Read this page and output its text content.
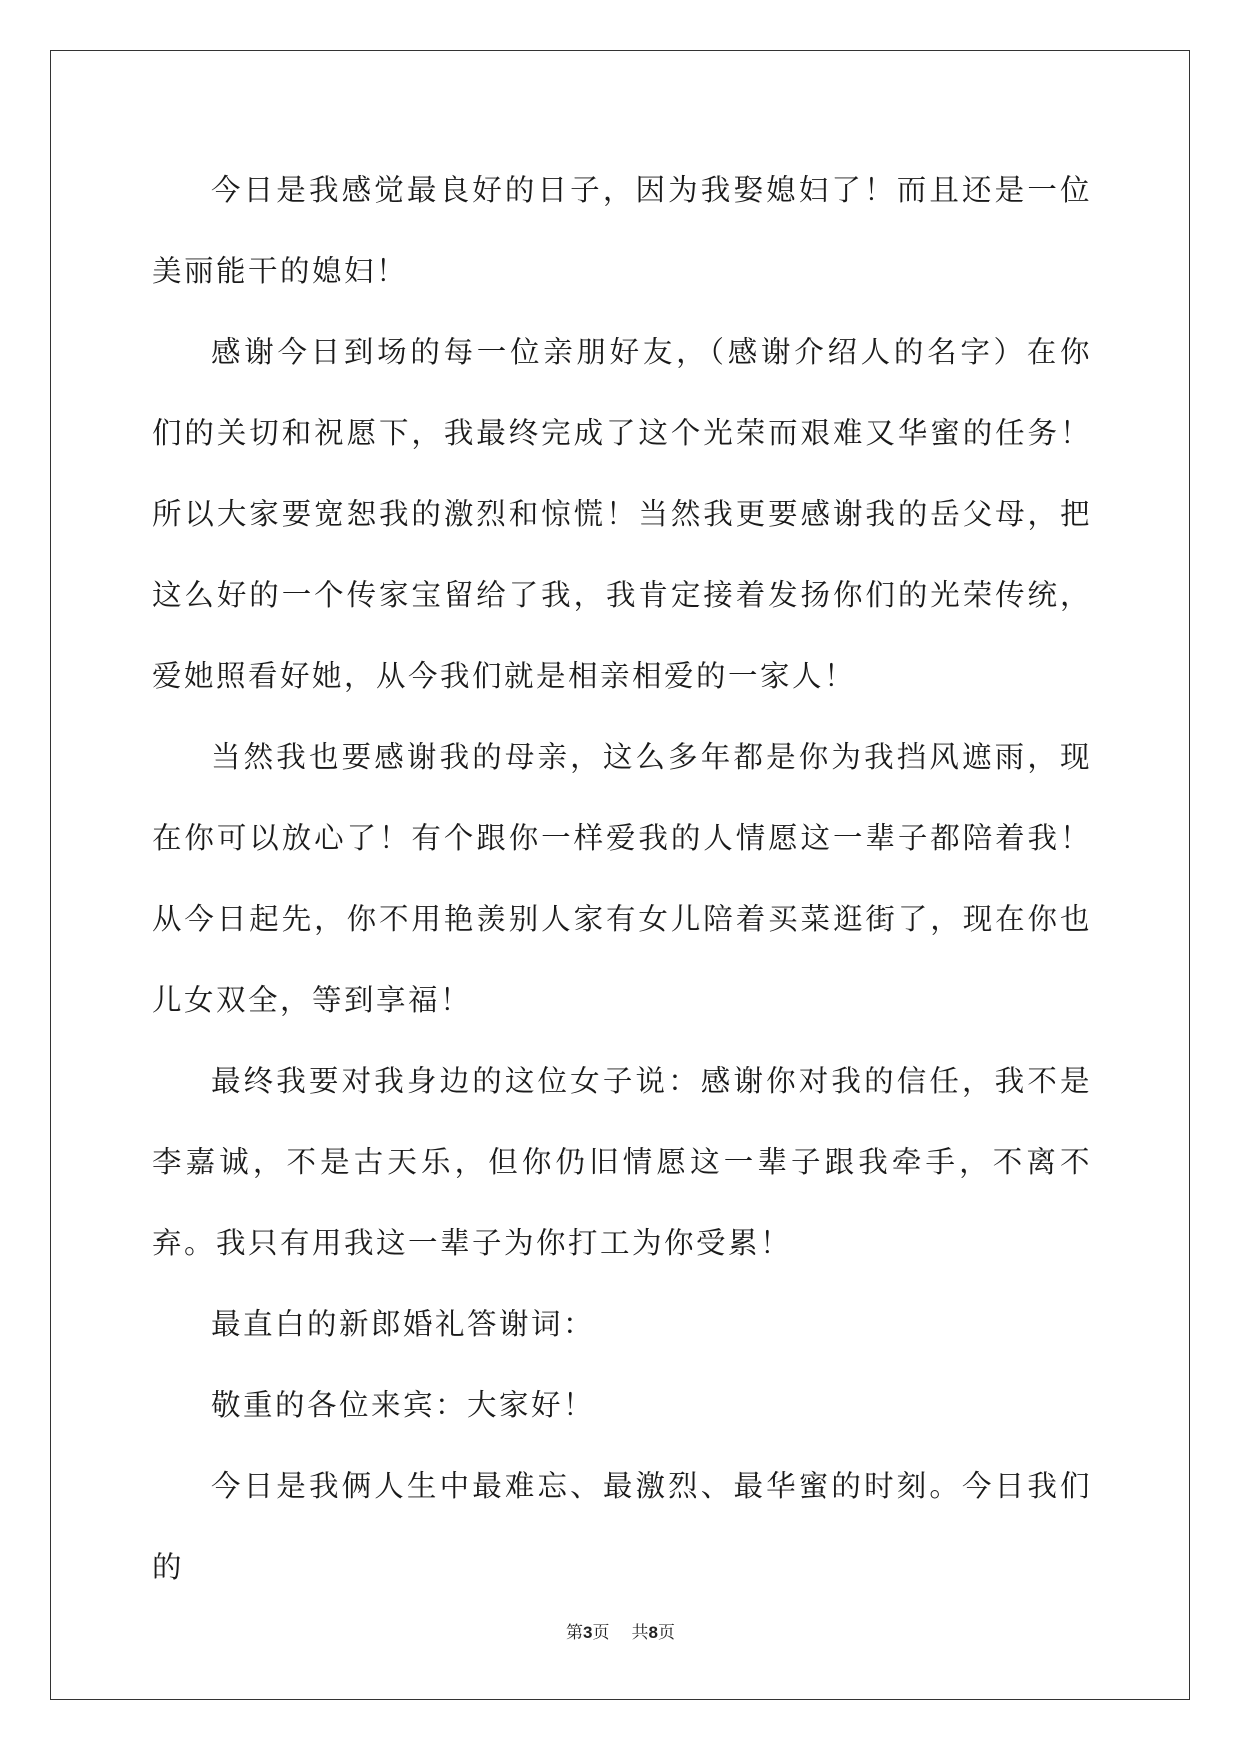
今日是我感觉最良好的日子，因为我娶媳妇了！而且还是一位美丽能干的媳妇！

感谢今日到场的每一位亲朋好友，（感谢介绍人的名字）在你们的关切和祝愿下，我最终完成了这个光荣而艰难又华蜜的任务！所以大家要宽恕我的激烈和惊慌！当然我更要感谢我的岳父母，把这么好的一个传家宝留给了我，我肯定接着发扬你们的光荣传统，爱她照看好她，从今我们就是相亲相爱的一家人！

当然我也要感谢我的母亲，这么多年都是你为我挡风遮雨，现在你可以放心了！有个跟你一样爱我的人情愿这一辈子都陪着我！从今日起先，你不用艳羡别人家有女儿陪着买菜逛街了，现在你也儿女双全，等到享福！

最终我要对我身边的这位女子说：感谢你对我的信任，我不是李嘉诚，不是古天乐，但你仍旧情愿这一辈子跟我牵手，不离不弃。我只有用我这一辈子为你打工为你受累！

最直白的新郎婚礼答谢词：

敬重的各位来宾：大家好！

今日是我俩人生中最难忘、最激烈、最华蜜的时刻。今日我们的

第3页 共8页
